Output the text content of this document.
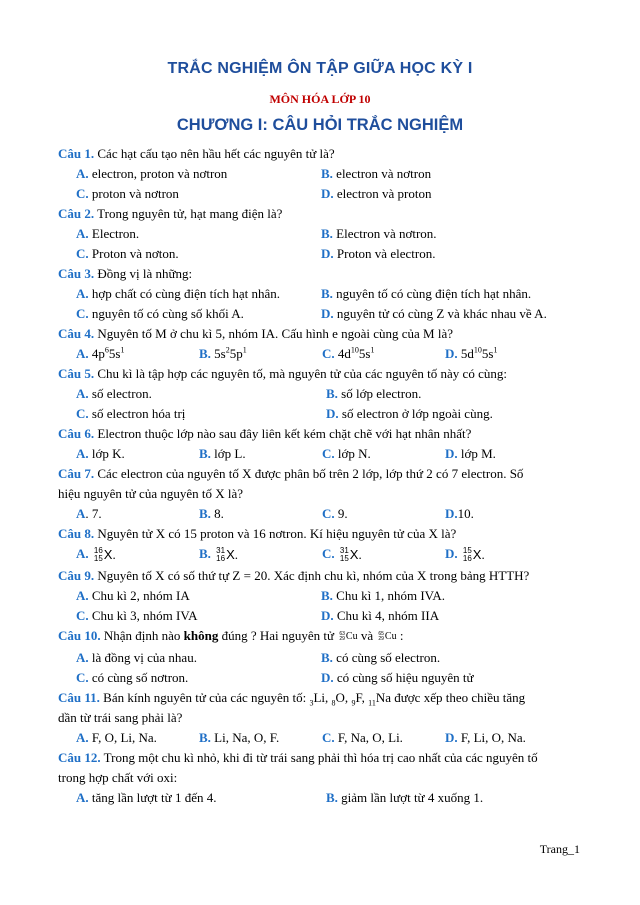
TRẮC NGHIỆM ÔN TẬP GIỮA HỌC KỲ I
MÔN HÓA LỚP 10
CHƯƠNG I: CÂU HỎI TRẮC NGHIỆM

Câu 1. Các hạt cấu tạo nên hầu hết các nguyên tử là?

A. electron, proton và nơtron	B. electron và nơtron
C. proton và nơtron	D. electron và proton

Câu 2. Trong nguyên tử, hạt mang điện là?

A. Electron.	B. Electron và nơtron.
C. Proton và nơton.	D. Proton và electron.

Câu 3. Đồng vị là những:

A. hợp chất có cùng điện tích hạt nhân.	B. nguyên tố có cùng điện tích hạt nhân.
C. nguyên tố có cùng số khối A.	D. nguyên tử có cùng Z và khác nhau về A.

Câu 4. Nguyên tố M ở chu kì 5, nhóm IA. Cấu hình e ngoài cùng của M là?

A. $4p^65s^1$	B. $5s^25p^1$	C. $4d^{10}5s^1$	D. $5d^{10}5s^1$

Câu 5. Chu kì là tập hợp các nguyên tố, mà nguyên tử của các nguyên tố này có cùng:

A. số electron.	B. số lớp electron.
C. số electron hóa trị	D. số electron ở lớp ngoài cùng.

Câu 6. Electron thuộc lớp nào sau đây liên kết kém chặt chẽ với hạt nhân nhất?

A. lớp K.	B. lớp L.	C. lớp N.	D. lớp M.

Câu 7. Các electron của nguyên tố X được phân bố trên 2 lớp, lớp thứ 2 có 7 electron. Số

hiệu nguyên tử của nguyên tố X là?

A. 7.	B. 8.	C. 9.	D.10.

Câu 8. Nguyên tử X có 15 proton và 16 nơtron. Kí hiệu nguyên tử của X là?

A. 16
15 X .	B. 31
16 X .	C. 31
15 X .	D. 15
16 X .

Câu 9. Nguyên tố X có số thứ tự Z = 20. Xác định chu kì, nhóm của X trong bảng HTTH?

A. Chu kì 2, nhóm IA	B. Chu kì 1, nhóm IVA.
C. Chu kì 3, nhóm IVA	D. Chu kì 4, nhóm IIA

Câu 10. Nhận định nào không đúng ? Hai nguyên tử 63
29 Cu và 65
29 Cu :

A. là đồng vị của nhau.	B. có cùng số electron.
C. có cùng số nơtron.	D. có cùng số hiệu nguyên tử

Câu 11. Bán kính nguyên tử của các nguyên tố: $_3$Li, $_8$O, $_9$F, $_{11}$Na được xếp theo chiều tăng

dần từ trái sang phải là?

A. F, O, Li, Na.	B. Li, Na, O, F.	C. F, Na, O, Li.	D. F, Li, O, Na.

Câu 12. Trong một chu kì nhỏ, khi đi từ trái sang phải thì hóa trị cao nhất của các nguyên tố

trong hợp chất với oxi:

A. tăng lần lượt từ 1 đến 4.	B. giảm lần lượt từ 4 xuống 1.
Trang_1
